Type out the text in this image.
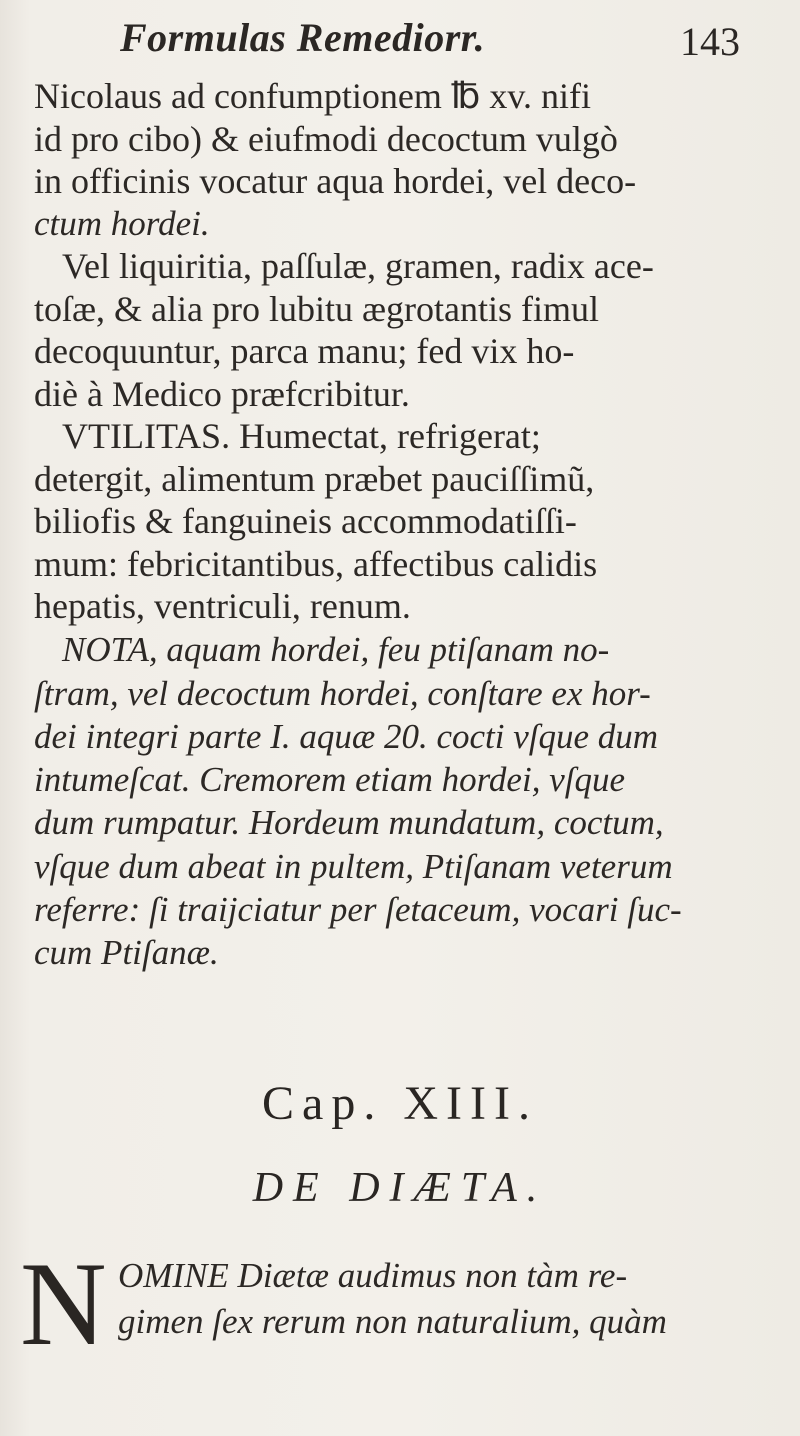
Formulas Remediorr.	143
Nicolaus ad confumptionem ℔ xv. nifi
id pro cibo) & eiufmodi decoctum vulgò
in officinis vocatur aqua hordei, vel deco-
ctum hordei.
Vel liquiritia, paſſulæ, gramen, radix ace-
toſæ, & alia pro lubitu ægrotantis fimul
decoquuntur, parca manu; fed vix ho-
diè à Medico præfcribitur.
VTILITAS. Humectat, refrigerat;
detergit, alimentum præbet pauciſſimũ,
biliofis & fanguineis accommodatiſſi-
mum: febricitantibus, affectibus calidis
hepatis, ventriculi, renum.
NOTA, aquam hordei, feu ptiſanam no-
ſtram, vel decoctum hordei, conſtare ex hor-
dei integri parte I. aquæ 20. cocti vſque dum
intumeſcat. Cremorem etiam hordei, vſque
dum rumpatur. Hordeum mundatum, coctum,
vſque dum abeat in pultem, Ptiſanam veterum
referre: ſi traijciatur per ſetaceum, vocari ſuc-
cum Ptiſanæ.
Cap. XIII.
DE DIÆTA.
N OMINE Diætæ audimus non tàm re-
gimen ſex rerum non naturalium, quàm
